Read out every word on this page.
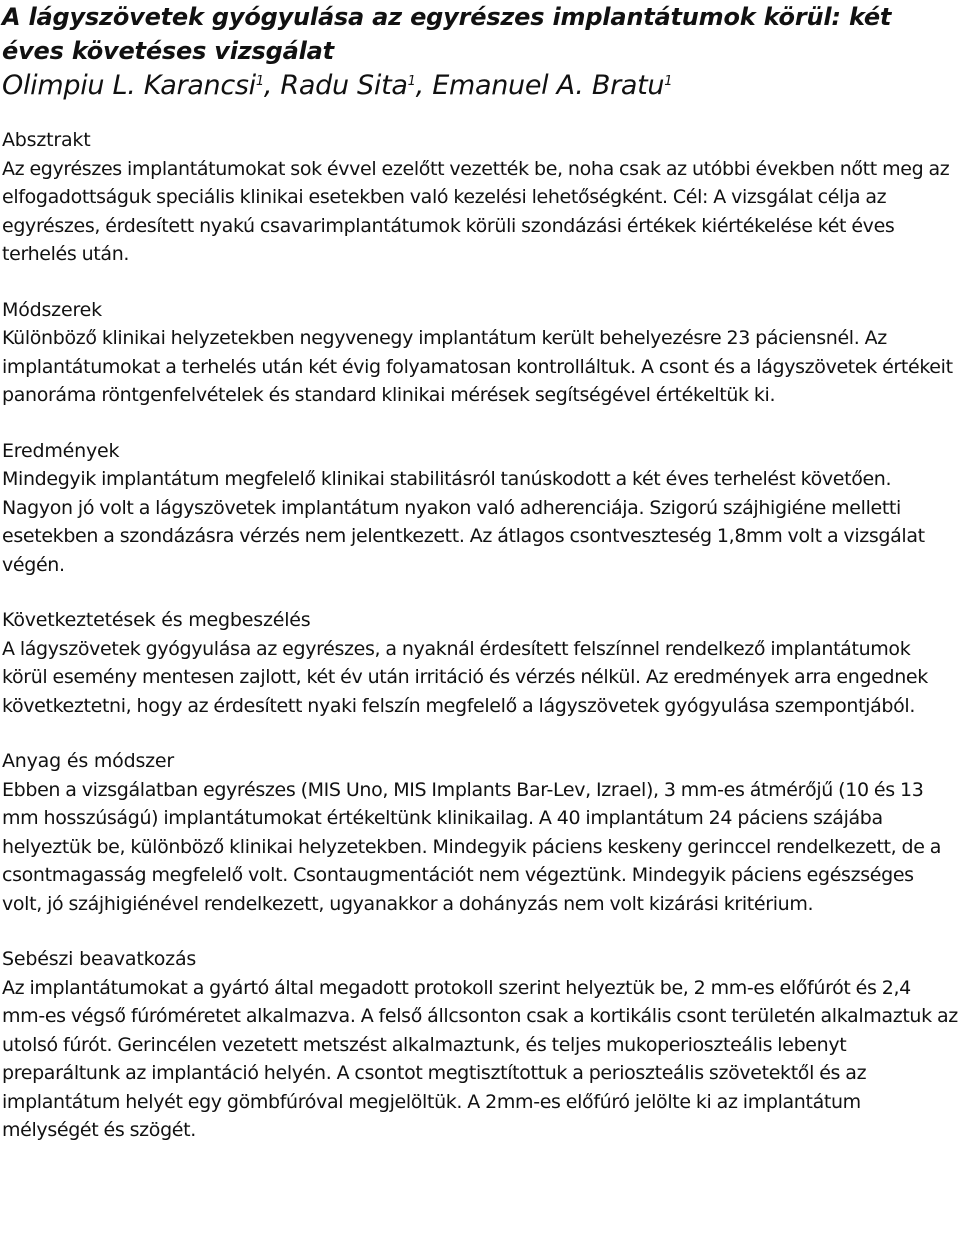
A lágyszövetek gyógyulása az egyrészes implantátumok körül: két éves követéses vizsgálat
Olimpiu L. Karancsi$^1$, Radu Sita$^1$, Emanuel A. Bratu$^1$

Absztrakt

Az egyrészes implantátumokat sok évvel ezelőtt vezették be, noha csak az utóbbi években nőtt meg az elfogadottságuk speciális klinikai esetekben való kezelési lehetőségként. Cél: A vizsgálat célja az egyrészes, érdesített nyakú csavarimplantátumok körüli szondázási értékek kiértékelése két éves terhelés után.

Módszerek

Különböző klinikai helyzetekben negyvenegy implantátum került behelyezésre 23 páciensnél. Az implantátumokat a terhelés után két évig folyamatosan kontrolláltuk. A csont és a lágyszövetek értékeit panoráma röntgenfelvételek és standard klinikai mérések segítségével értékeltük ki.

Eredmények

Mindegyik implantátum megfelelő klinikai stabilitásról tanúskodott a két éves terhelést követően. Nagyon jó volt a lágyszövetek implantátum nyakon való adherenciája. Szigorú szájhigiéne melletti esetekben a szondázásra vérzés nem jelentkezett. Az átlagos csontveszteség 1,8mm volt a vizsgálat végén.

Következtetések és megbeszélés

A lágyszövetek gyógyulása az egyrészes, a nyaknál érdesített felszínnel rendelkező implantátumok körül esemény mentesen zajlott, két év után irritáció és vérzés nélkül. Az eredmények arra engednek következtetni, hogy az érdesített nyaki felszín megfelelő a lágyszövetek gyógyulása szempontjából.

Anyag és módszer

Ebben a vizsgálatban egyrészes (MIS Uno, MIS Implants Bar-Lev, Izrael), 3 mm-es átmérőjű (10 és 13 mm hosszúságú) implantátumokat értékeltünk klinikailag. A 40 implantátum 24 páciens szájába helyeztük be, különböző klinikai helyzetekben. Mindegyik páciens keskeny gerinccel rendelkezett, de a csontmagasság megfelelő volt. Csontaugmentációt nem végeztünk. Mindegyik páciens egészséges volt, jó szájhigiénével rendelkezett, ugyanakkor a dohányzás nem volt kizárási kritérium.

Sebészi beavatkozás

Az implantátumokat a gyártó által megadott protokoll szerint helyeztük be, 2 mm-es előfúrót és 2,4 mm-es végső fúróméretet alkalmazva. A felső állcsonton csak a kortikális csont területén alkalmaztuk az utolsó fúrót. Gerincélen vezetett metszést alkalmaztunk, és teljes mukoperioszteális lebenyt preparáltunk az implantáció helyén. A csontot megtisztítottuk a perioszteális szövetektől és az implantátum helyét egy gömbfúróval megjelöltük. A 2mm-es előfúró jelölte ki az implantátum mélységét és szögét.
